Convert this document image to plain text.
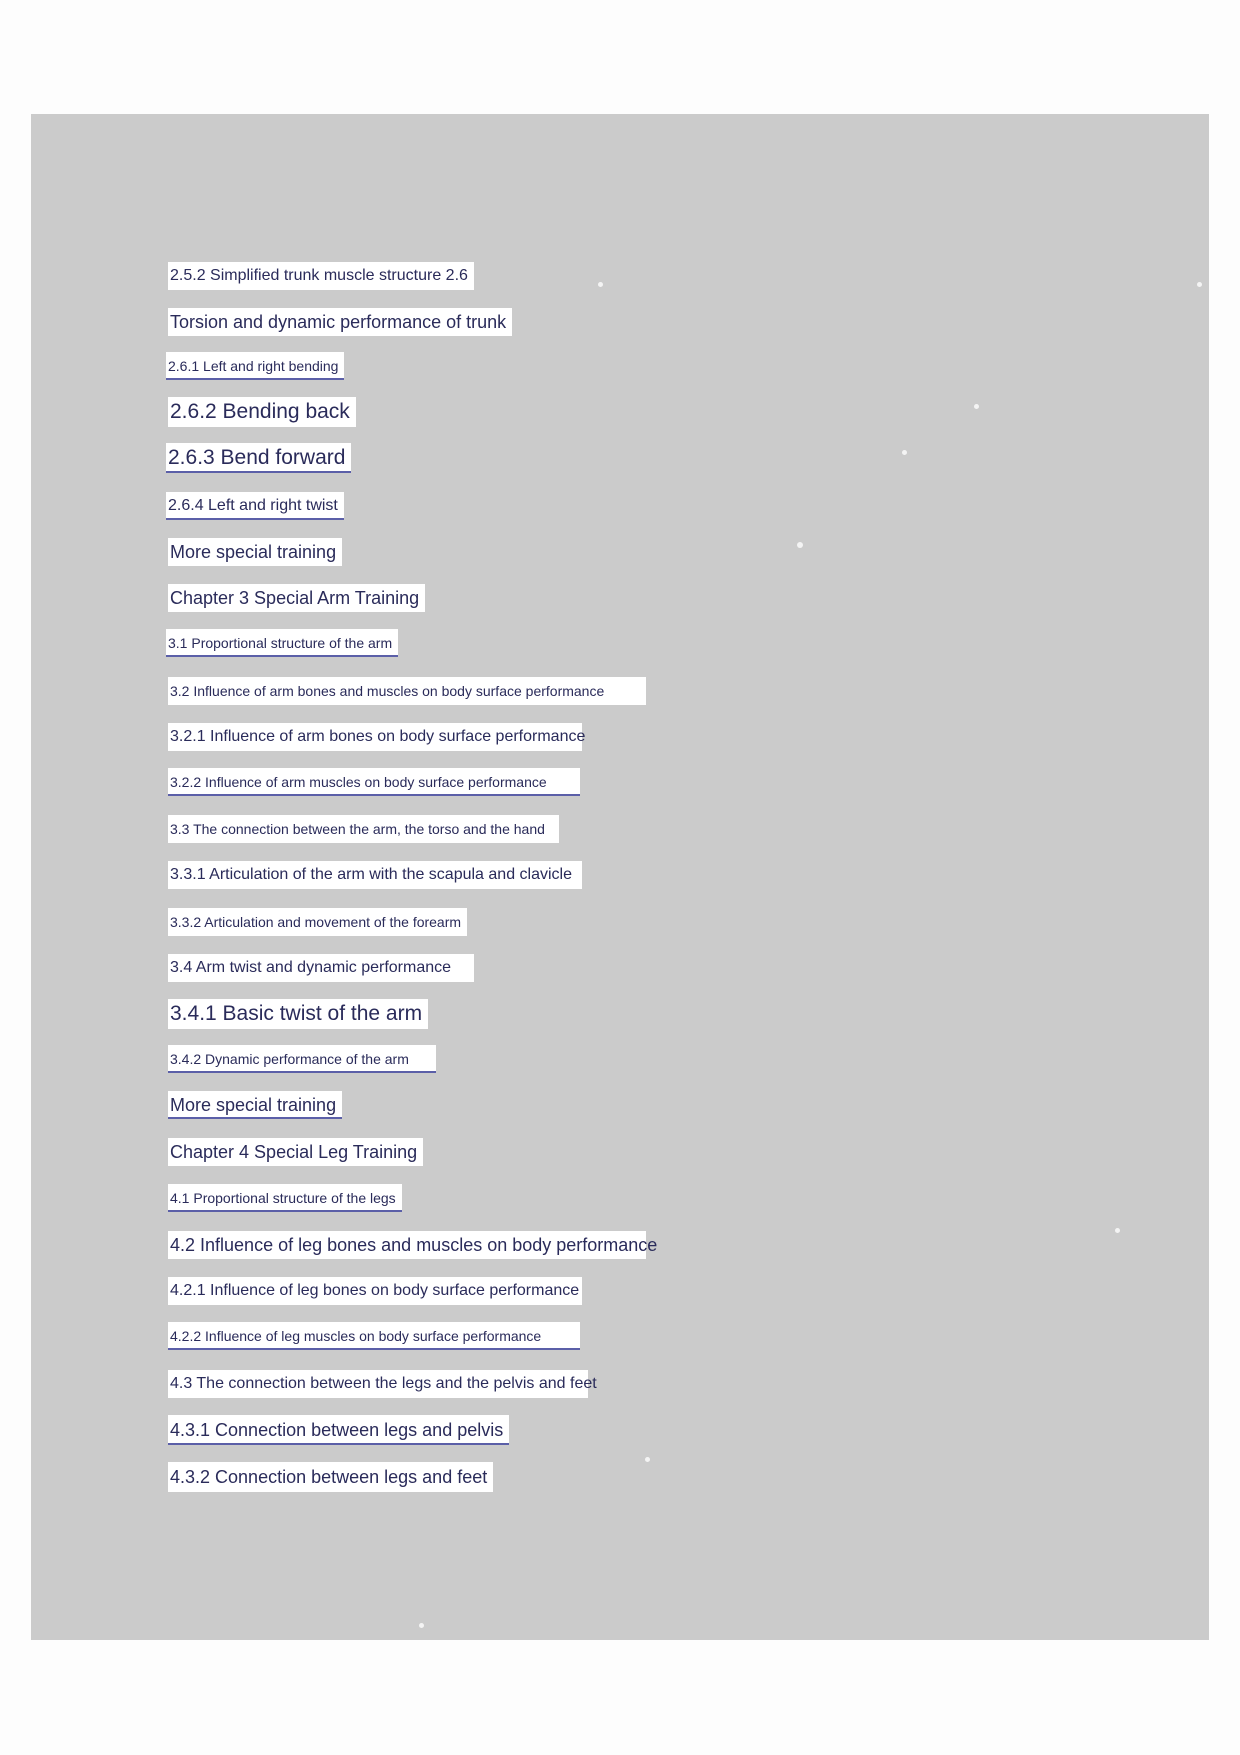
2.5.2 Simplified trunk muscle structure 2.6
Torsion and dynamic performance of trunk
2.6.1 Left and right bending
2.6.2 Bending back
2.6.3 Bend forward
2.6.4 Left and right twist
More special training
Chapter 3 Special Arm Training
3.1 Proportional structure of the arm
3.2 Influence of arm bones and muscles on body surface performance
3.2.1 Influence of arm bones on body surface performance
3.2.2 Influence of arm muscles on body surface performance
3.3 The connection between the arm, the torso and the hand
3.3.1 Articulation of the arm with the scapula and clavicle
3.3.2 Articulation and movement of the forearm
3.4 Arm twist and dynamic performance
3.4.1 Basic twist of the arm
3.4.2 Dynamic performance of the arm
More special training
Chapter 4 Special Leg Training
4.1 Proportional structure of the legs
4.2 Influence of leg bones and muscles on body performance
4.2.1 Influence of leg bones on body surface performance
4.2.2 Influence of leg muscles on body surface performance
4.3 The connection between the legs and the pelvis and feet
4.3.1 Connection between legs and pelvis
4.3.2 Connection between legs and feet
